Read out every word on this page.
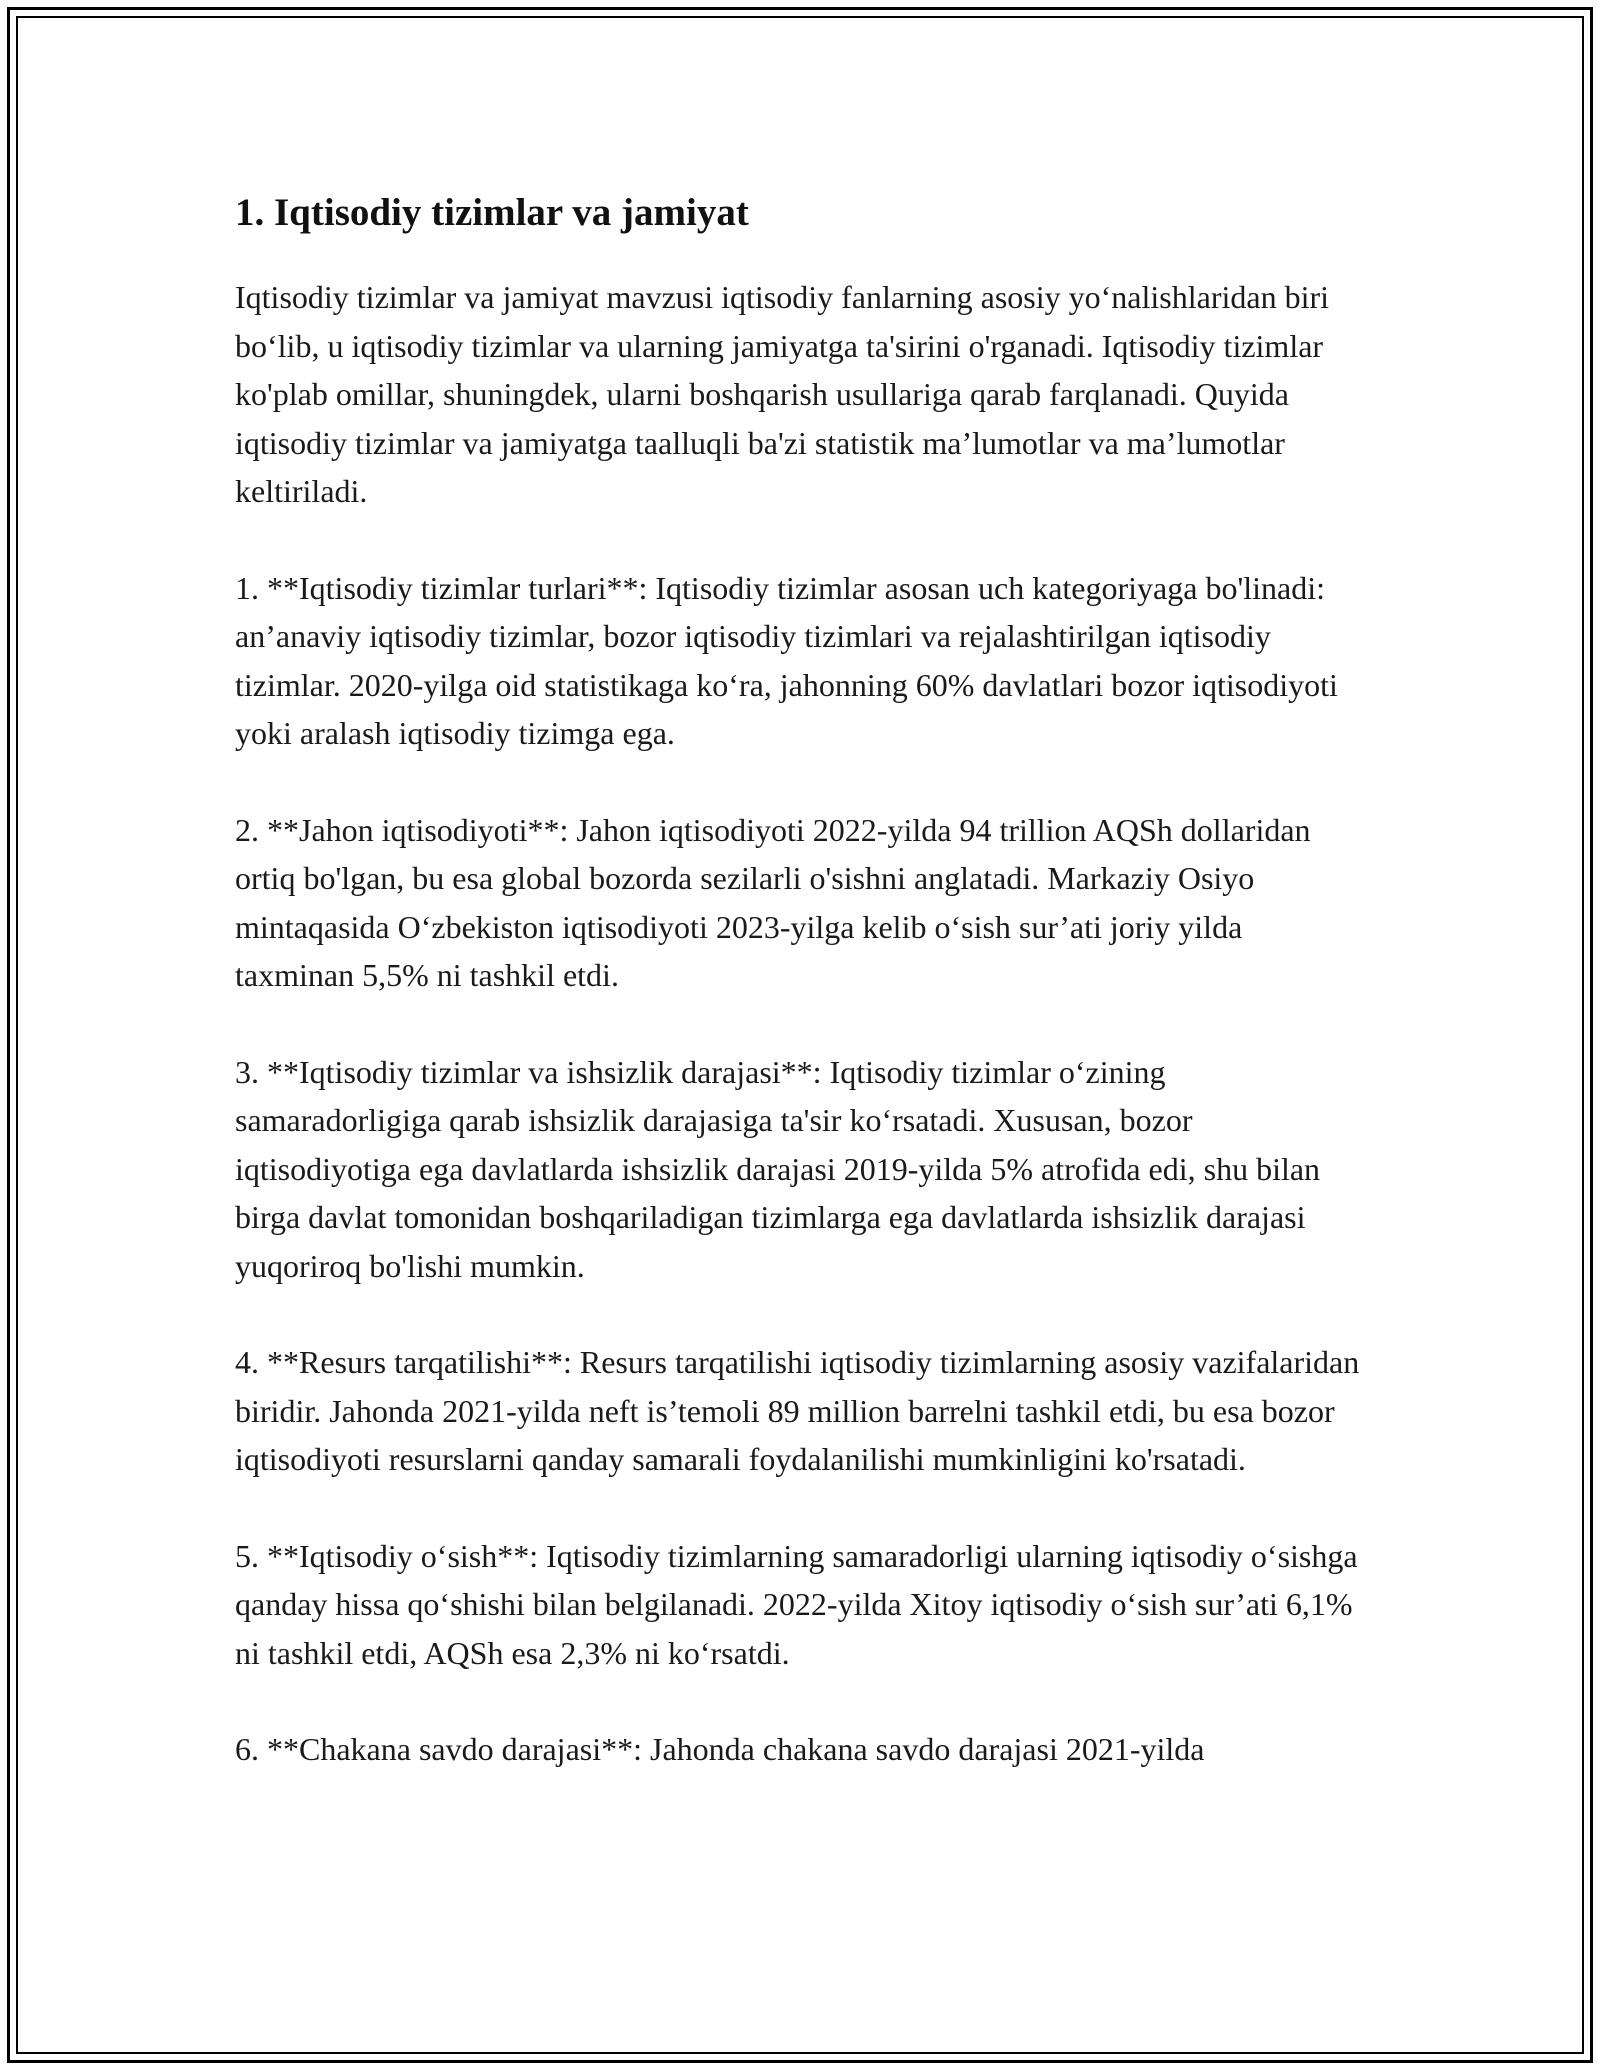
1. Iqtisodiy tizimlar va jamiyat

Iqtisodiy tizimlar va jamiyat mavzusi iqtisodiy fanlarning asosiy yo‘nalishlaridan biri bo‘lib, u iqtisodiy tizimlar va ularning jamiyatga ta'sirini o'rganadi. Iqtisodiy tizimlar ko'plab omillar, shuningdek, ularni boshqarish usullariga qarab farqlanadi. Quyida iqtisodiy tizimlar va jamiyatga taalluqli ba'zi statistik ma’lumotlar va ma’lumotlar keltiriladi.

1. **Iqtisodiy tizimlar turlari**: Iqtisodiy tizimlar asosan uch kategoriyaga bo'linadi: an’anaviy iqtisodiy tizimlar, bozor iqtisodiy tizimlari va rejalashtirilgan iqtisodiy tizimlar. 2020-yilga oid statistikaga ko‘ra, jahonning 60% davlatlari bozor iqtisodiyoti yoki aralash iqtisodiy tizimga ega.

2. **Jahon iqtisodiyoti**: Jahon iqtisodiyoti 2022-yilda 94 trillion AQSh dollaridan ortiq bo'lgan, bu esa global bozorda sezilarli o'sishni anglatadi. Markaziy Osiyo mintaqasida O‘zbekiston iqtisodiyoti 2023-yilga kelib o‘sish sur’ati joriy yilda taxminan 5,5% ni tashkil etdi.

3. **Iqtisodiy tizimlar va ishsizlik darajasi**: Iqtisodiy tizimlar o‘zining samaradorligiga qarab ishsizlik darajasiga ta'sir ko‘rsatadi. Xususan, bozor iqtisodiyotiga ega davlatlarda ishsizlik darajasi 2019-yilda 5% atrofida edi, shu bilan birga davlat tomonidan boshqariladigan tizimlarga ega davlatlarda ishsizlik darajasi yuqoriroq bo'lishi mumkin.

4. **Resurs tarqatilishi**: Resurs tarqatilishi iqtisodiy tizimlarning asosiy vazifalaridan biridir. Jahonda 2021-yilda neft is’temoli 89 million barrelni tashkil etdi, bu esa bozor iqtisodiyoti resurslarni qanday samarali foydalanilishi mumkinligini ko'rsatadi.

5. **Iqtisodiy o‘sish**: Iqtisodiy tizimlarning samaradorligi ularning iqtisodiy o‘sishga qanday hissa qo‘shishi bilan belgilanadi. 2022-yilda Xitoy iqtisodiy o‘sish sur’ati 6,1% ni tashkil etdi, AQSh esa 2,3% ni ko‘rsatdi.

6. **Chakana savdo darajasi**: Jahonda chakana savdo darajasi 2021-yilda
